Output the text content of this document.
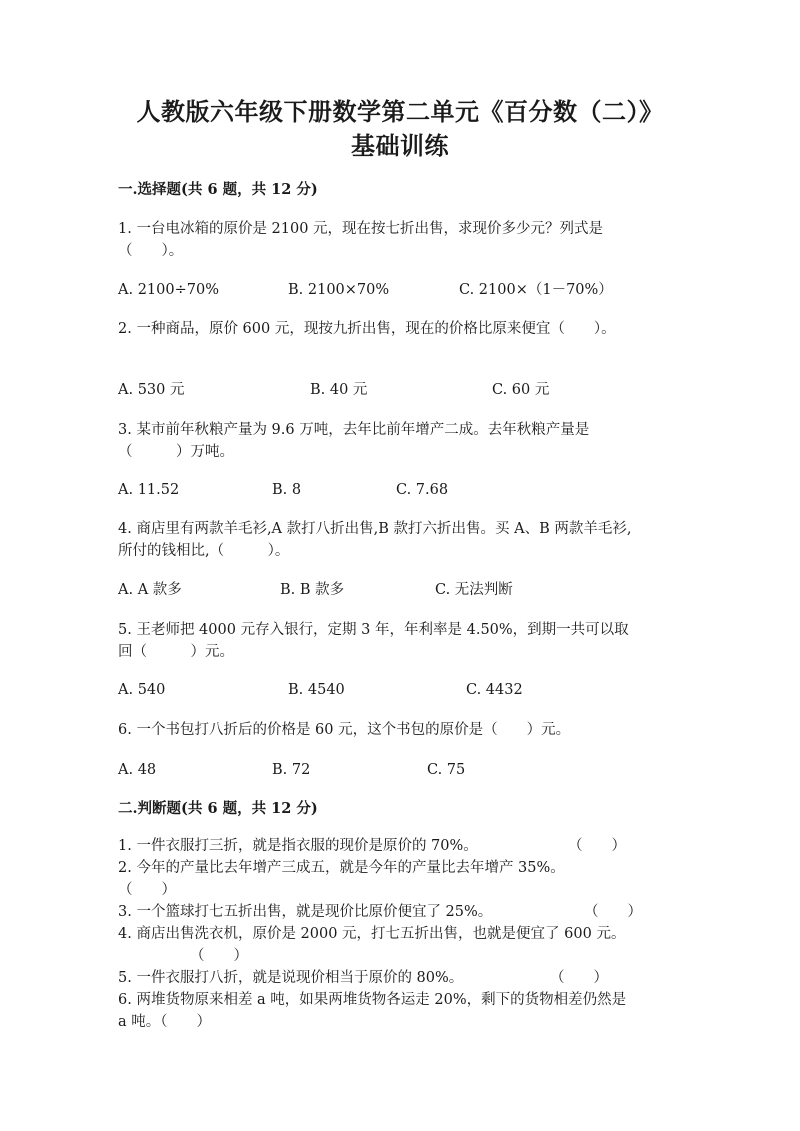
人教版六年级下册数学第二单元《百分数（二）》
基础训练
一.选择题(共 6 题，共 12 分)
1. 一台电冰箱的原价是 2100 元，现在按七折出售，求现价多少元？列式是
（　　）。
A. 2100÷70%	B. 2100×70%	C. 2100×（1－70%）
2. 一种商品，原价 600 元，现按九折出售，现在的价格比原来便宜（　　）。
A. 530 元	B. 40 元	C. 60 元
3. 某市前年秋粮产量为 9.6 万吨，去年比前年增产二成。去年秋粮产量是
（　　　）万吨。
A. 11.52	B. 8	C. 7.68
4. 商店里有两款羊毛衫,A 款打八折出售,B 款打六折出售。买 A、B 两款羊毛衫,
所付的钱相比,（　　　）。
A. A 款多	B. B 款多	C. 无法判断
5. 王老师把 4000 元存入银行，定期 3 年，年利率是 4.50%，到期一共可以取
回（　　　）元。
A. 540	B. 4540	C. 4432
6. 一个书包打八折后的价格是 60 元，这个书包的原价是（　　）元。
A. 48	B. 72	C. 75
二.判断题(共 6 题，共 12 分)
1. 一件衣服打三折，就是指衣服的现价是原价的 70%。	（　　）
2. 今年的产量比去年增产三成五，就是今年的产量比去年增产 35%。
（　　）
3. 一个篮球打七五折出售，就是现价比原价便宜了 25%。	（　　）
4. 商店出售洗衣机，原价是 2000 元，打七五折出售，也就是便宜了 600 元。
（　　）
5. 一件衣服打八折，就是说现价相当于原价的 80%。	（　　）
6. 两堆货物原来相差 a 吨，如果两堆货物各运走 20%，剩下的货物相差仍然是
a 吨。（　　）
